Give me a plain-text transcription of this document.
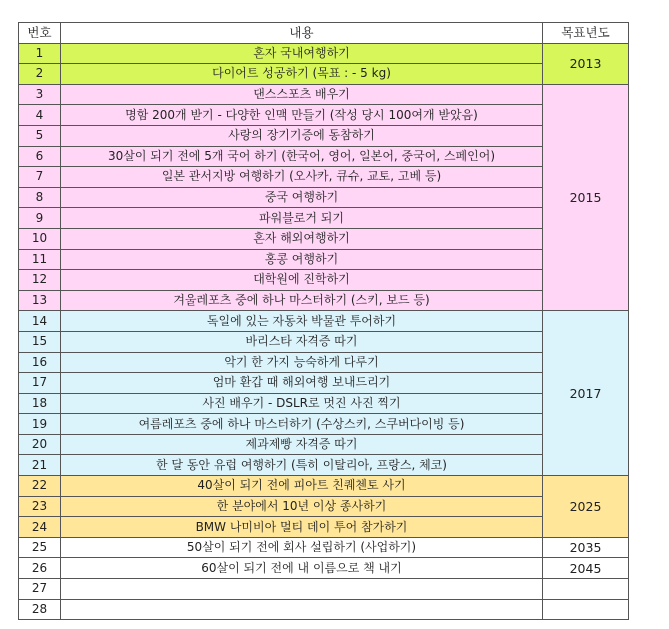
번호	내용	목표년도
1	혼자 국내여행하기	2013
2	다이어트 성공하기 (목표 : - 5 kg)	
3	댄스스포츠 배우기	2015
4	명함 200개 받기 - 다양한 인맥 만들기 (작성 당시 100여개 받았음)	
5	사랑의 장기기증에 동참하기	
6	30살이 되기 전에 5개 국어 하기 (한국어, 영어, 일본어, 중국어, 스페인어)	
7	일본 관서지방 여행하기 (오사카, 큐슈, 교토, 고베 등)	
8	중국 여행하기	
9	파워블로거 되기	
10	혼자 해외여행하기	
11	홍콩 여행하기	
12	대학원에 진학하기	
13	겨울레포츠 중에 하나 마스터하기 (스키, 보드 등)	
14	독일에 있는 자동차 박물관 투어하기	2017
15	바리스타 자격증 따기	
16	악기 한 가지 능숙하게 다루기	
17	엄마 환갑 때 해외여행 보내드리기	
18	사진 배우기 - DSLR로 멋진 사진 찍기	
19	여름레포츠 중에 하나 마스터하기 (수상스키, 스쿠버다이빙 등)	
20	제과제빵 자격증 따기	
21	한 달 동안 유럽 여행하기 (특히 이탈리아, 프랑스, 체코)	
22	40살이 되기 전에 피아트 친퀘첸토 사기	2025
23	한 분야에서 10년 이상 종사하기	
24	BMW 나미비아 멀티 데이 투어 참가하기	
25	50살이 되기 전에 회사 설립하기 (사업하기)	2035
26	60살이 되기 전에 내 이름으로 책 내기	2045
27		
28		
